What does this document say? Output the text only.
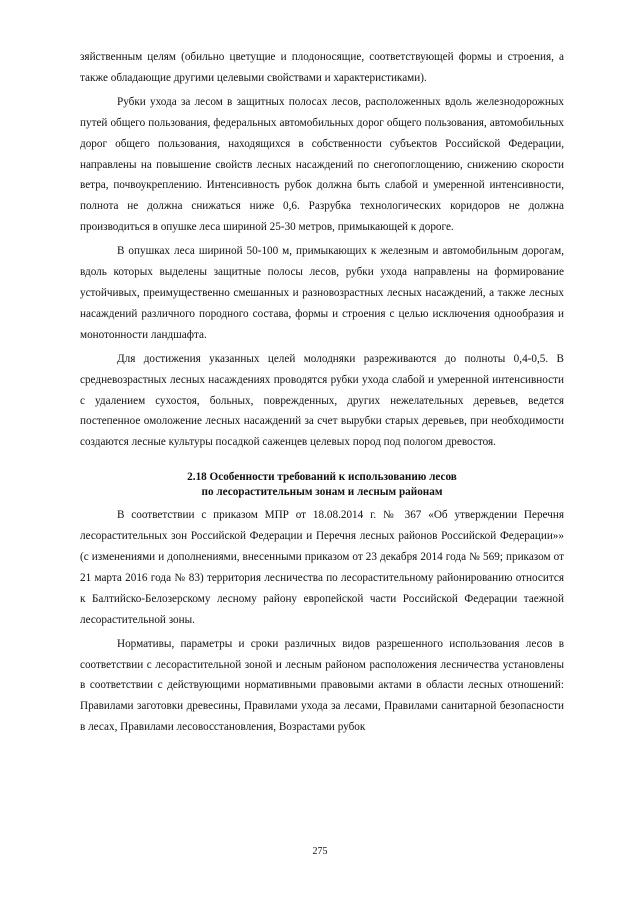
зяйственным целям (обильно цветущие и плодоносящие, соответствующей формы и строения, а также обладающие другими целевыми свойствами и характеристиками).

Рубки ухода за лесом в защитных полосах лесов, расположенных вдоль железнодорожных путей общего пользования, федеральных автомобильных дорог общего пользования, автомобильных дорог общего пользования, находящихся в собственности субъектов Российской Федерации, направлены на повышение свойств лесных насаждений по снегопоглощению, снижению скорости ветра, почвоукреплению. Интенсивность рубок должна быть слабой и умеренной интенсивности, полнота не должна снижаться ниже 0,6. Разрубка технологических коридоров не должна производиться в опушке леса шириной 25-30 метров, примыкающей к дороге.

В опушках леса шириной 50-100 м, примыкающих к железным и автомобильным дорогам, вдоль которых выделены защитные полосы лесов, рубки ухода направлены на формирование устойчивых, преимущественно смешанных и разновозрастных лесных насаждений, а также лесных насаждений различного породного состава, формы и строения с целью исключения однообразия и монотонности ландшафта.

Для достижения указанных целей молодняки разреживаются до полноты 0,4-0,5. В средневозрастных лесных насаждениях проводятся рубки ухода слабой и умеренной интенсивности с удалением сухостоя, больных, поврежденных, других нежелательных деревьев, ведется постепенное омоложение лесных насаждений за счет вырубки старых деревьев, при необходимости создаются лесные культуры посадкой саженцев целевых пород под пологом древостоя.

2.18 Особенности требований к использованию лесов
по лесорастительным зонам и лесным районам

В соответствии с приказом МПР от 18.08.2014 г. № 367 «Об утверждении Перечня лесорастительных зон Российской Федерации и Перечня лесных районов Российской Федерации»» (с изменениями и дополнениями, внесенными приказом от 23 декабря 2014 года № 569; приказом от 21 марта 2016 года № 83) территория лесничества по лесорастительному районированию относится к Балтийско-Белозерскому лесному району европейской части Российской Федерации таежной лесорастительной зоны.

Нормативы, параметры и сроки различных видов разрешенного использования лесов в соответствии с лесорастительной зоной и лесным районом расположения лесничества установлены в соответствии с действующими нормативными правовыми актами в области лесных отношений: Правилами заготовки древесины, Правилами ухода за лесами, Правилами санитарной безопасности в лесах, Правилами лесовосстановления, Возрастами рубок

275
